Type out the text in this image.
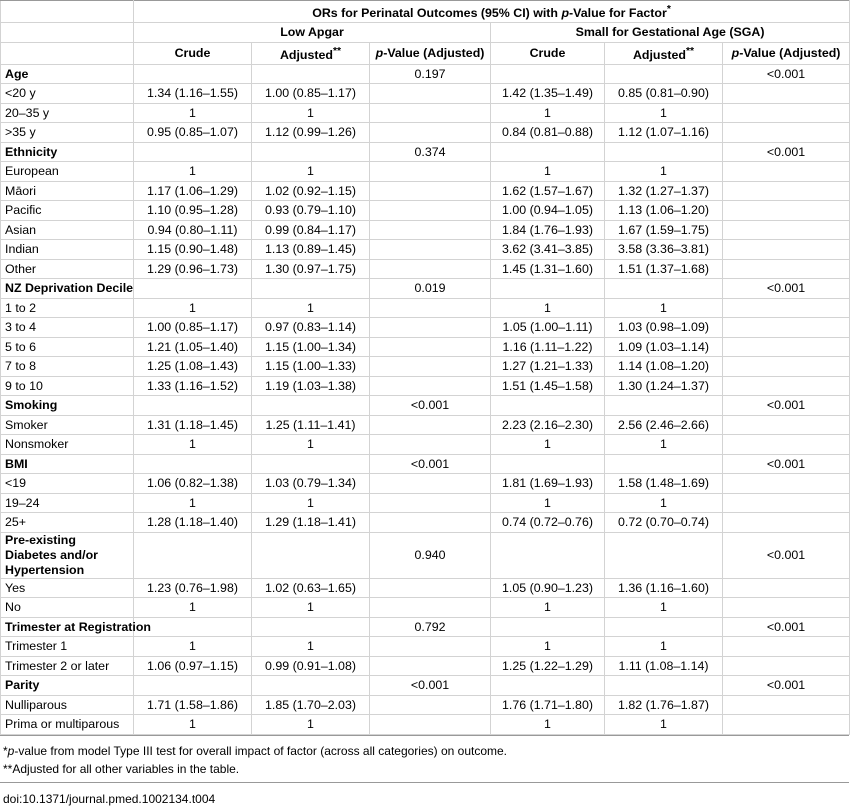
	ORs for Perinatal Outcomes (95% CI) with p-Value for Factor*
	Low Apgar			Small for Gestational Age (SGA)		
	Crude	Adjusted**	p-Value (Adjusted)	Crude	Adjusted**	p-Value (Adjusted)
Age			0.197			<0.001
<20 y	1.34 (1.16–1.55)	1.00 (0.85–1.17)		1.42 (1.35–1.49)	0.85 (0.81–0.90)	
20–35 y	1	1		1	1	
>35 y	0.95 (0.85–1.07)	1.12 (0.99–1.26)		0.84 (0.81–0.88)	1.12 (1.07–1.16)	
Ethnicity			0.374			<0.001
European	1	1		1	1	
Māori	1.17 (1.06–1.29)	1.02 (0.92–1.15)		1.62 (1.57–1.67)	1.32 (1.27–1.37)	
Pacific	1.10 (0.95–1.28)	0.93 (0.79–1.10)		1.00 (0.94–1.05)	1.13 (1.06–1.20)	
Asian	0.94 (0.80–1.11)	0.99 (0.84–1.17)		1.84 (1.76–1.93)	1.67 (1.59–1.75)	
Indian	1.15 (0.90–1.48)	1.13 (0.89–1.45)		3.62 (3.41–3.85)	3.58 (3.36–3.81)	
Other	1.29 (0.96–1.73)	1.30 (0.97–1.75)		1.45 (1.31–1.60)	1.51 (1.37–1.68)	
NZ Deprivation Decile			0.019			<0.001
1 to 2	1	1		1	1	
3 to 4	1.00 (0.85–1.17)	0.97 (0.83–1.14)		1.05 (1.00–1.11)	1.03 (0.98–1.09)	
5 to 6	1.21 (1.05–1.40)	1.15 (1.00–1.34)		1.16 (1.11–1.22)	1.09 (1.03–1.14)	
7 to 8	1.25 (1.08–1.43)	1.15 (1.00–1.33)		1.27 (1.21–1.33)	1.14 (1.08–1.20)	
9 to 10	1.33 (1.16–1.52)	1.19 (1.03–1.38)		1.51 (1.45–1.58)	1.30 (1.24–1.37)	
Smoking			<0.001			<0.001
Smoker	1.31 (1.18–1.45)	1.25 (1.11–1.41)		2.23 (2.16–2.30)	2.56 (2.46–2.66)	
Nonsmoker	1	1		1	1	
BMI			<0.001			<0.001
<19	1.06 (0.82–1.38)	1.03 (0.79–1.34)		1.81 (1.69–1.93)	1.58 (1.48–1.69)	
19–24	1	1		1	1	
25+	1.28 (1.18–1.40)	1.29 (1.18–1.41)		0.74 (0.72–0.76)	0.72 (0.70–0.74)	
Pre-existing Diabetes and/or Hypertension			0.940			<0.001
Yes	1.23 (0.76–1.98)	1.02 (0.63–1.65)		1.05 (0.90–1.23)	1.36 (1.16–1.60)	
No	1	1		1	1	
Trimester at Registration			0.792			<0.001
Trimester 1	1	1		1	1	
Trimester 2 or later	1.06 (0.97–1.15)	0.99 (0.91–1.08)		1.25 (1.22–1.29)	1.11 (1.08–1.14)	
Parity			<0.001			<0.001
Nulliparous	1.71 (1.58–1.86)	1.85 (1.70–2.03)		1.76 (1.71–1.80)	1.82 (1.76–1.87)	
Prima or multiparous	1	1		1	1	

*p-value from model Type III test for overall impact of factor (across all categories) on outcome.

**Adjusted for all other variables in the table.

doi:10.1371/journal.pmed.1002134.t004
